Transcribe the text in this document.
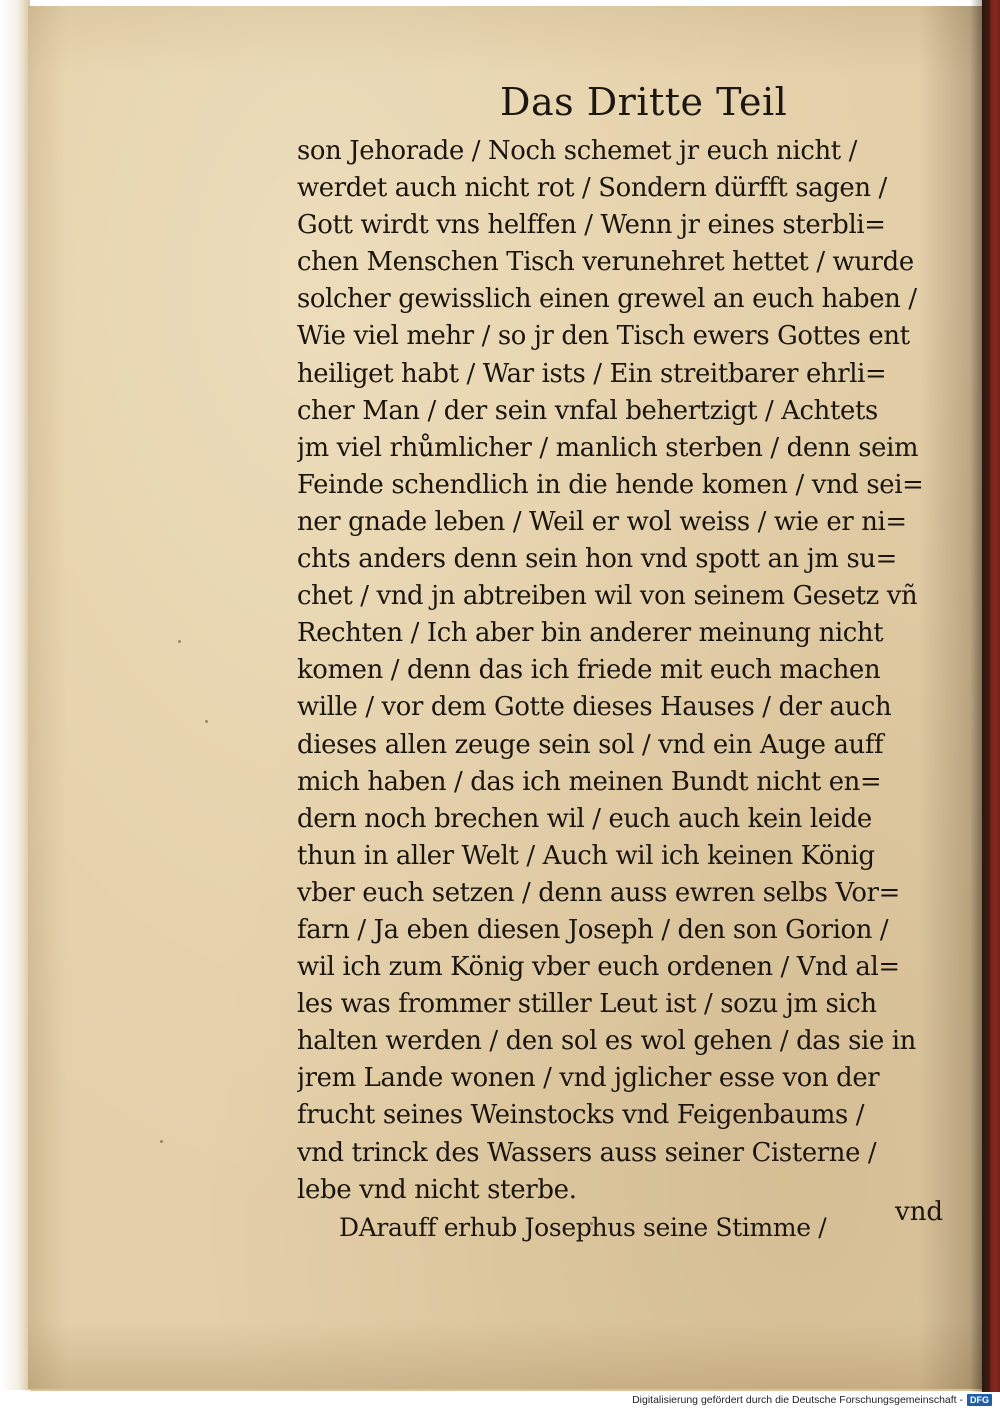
Das Dritte Teil
son Jehorade / Noch schemet jr euch nicht /
werdet auch nicht rot / Sondern dürfft sagen /
Gott wirdt vns helffen / Wenn jr eines sterbli=
chen Menschen Tisch verunehret hettet / wurde
solcher gewisslich einen grewel an euch haben /
Wie viel mehr / so jr den Tisch ewers Gottes ent
heiliget habt / War ists / Ein streitbarer ehrli=
cher Man / der sein vnfal behertzigt / Achtets
jm viel rhůmlicher / manlich sterben / denn seim
Feinde schendlich in die hende komen / vnd sei=
ner gnade leben / Weil er wol weiss / wie er ni=
chts anders denn sein hon vnd spott an jm su=
chet / vnd jn abtreiben wil von seinem Gesetz vñ
Rechten / Ich aber bin anderer meinung nicht
komen / denn das ich friede mit euch machen
wille / vor dem Gotte dieses Hauses / der auch
dieses allen zeuge sein sol / vnd ein Auge auff
mich haben / das ich meinen Bundt nicht en=
dern noch brechen wil / euch auch kein leide
thun in aller Welt / Auch wil ich keinen König
vber euch setzen / denn auss ewren selbs Vor=
farn / Ja eben diesen Joseph / den son Gorion /
wil ich zum König vber euch ordenen / Vnd al=
les was frommer stiller Leut ist / sozu jm sich
halten werden / den sol es wol gehen / das sie in
jrem Lande wonen / vnd jglicher esse von der
frucht seines Weinstocks vnd Feigenbaums /
vnd trinck des Wassers auss seiner Cisterne /
lebe vnd nicht sterbe.
DArauff erhub Josephus seine Stimme /
vnd
Digitalisierung gefördert durch die Deutsche Forschungsgemeinschaft - DFG
